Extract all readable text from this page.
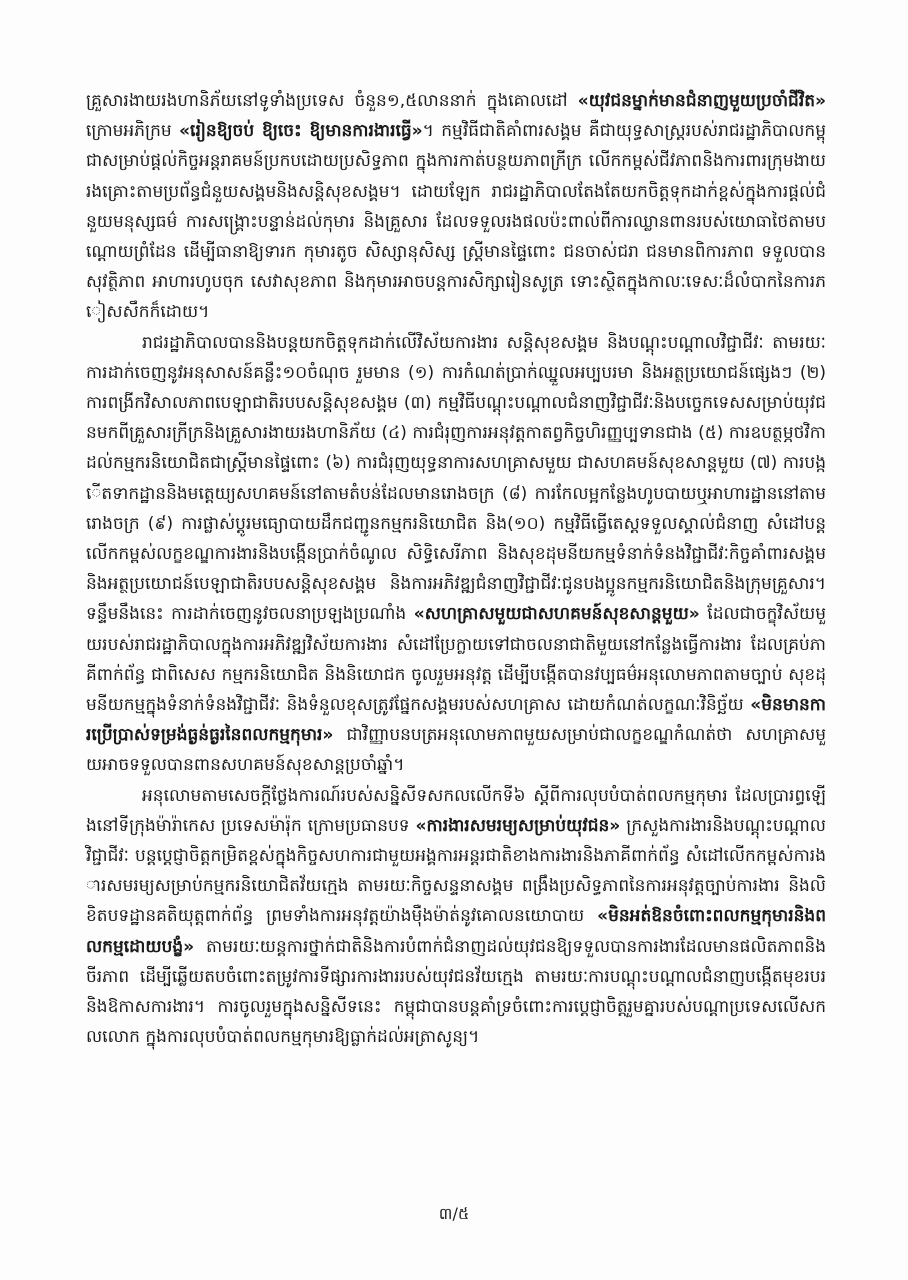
គ្រួសារងាយរងហានិភ័យនៅទូទាំងប្រទេស ចំនួន១,៥លាននាក់ ក្នុងគោលដៅ «យុវជនម្នាក់មានជំនាញមួយប្រចាំជីវិត» ក្រោមអភិក្រម «រៀនឱ្យចប់ ឱ្យចេះ ឱ្យមានការងារធ្វើ»។ កម្មវិធីជាតិគាំពារសង្គម គឺជាយុទ្ធសាស្ត្ររបស់រាជរដ្ឋាភិបាលកម្ពុជាសម្រាប់ផ្តល់កិច្ចអន្តរាគមន៍ប្រកបដោយប្រសិទ្ធភាព ក្នុងការកាត់បន្ថយភាពក្រីក្រ លើកកម្ពស់ជីវភាពនិងការពារក្រុមងាយរងគ្រោះតាមប្រព័ន្ធជំនួយសង្គមនិងសន្តិសុខសង្គម។ ដោយឡែក រាជរដ្ឋាភិបាលតែងតែយកចិត្តទុកដាក់ខ្ពស់ក្នុងការផ្តល់ជំនួយមនុស្សធម៌ ការសង្គ្រោះបន្ទាន់ដល់កុមារ និងគ្រួសារ ដែលទទួលរងផលប៉ះពាល់ពីការឈ្លានពានរបស់យោធាថៃតាមបណ្តោយព្រំដែន ដើម្បីធានាឱ្យទារក កុមារតូច សិស្សានុសិស្ស ស្ត្រីមានផ្ទៃពោះ ជនចាស់ជរា ជនមានពិការភាព ទទួលបានសុវត្ថិភាព អាហារហូបចុក សេវាសុខភាព និងកុមារអាចបន្តការសិក្សារៀនសូត្រ ទោះស្ថិតក្នុងកាលៈទេសៈដ៏លំបាកនៃការភៀសសឹកក៏ដោយ។

រាជរដ្ឋាភិបាលបាននិងបន្តយកចិត្តទុកដាក់លើវិស័យការងារ សន្តិសុខសង្គម និងបណ្តុះបណ្តាលវិជ្ជាជីវៈ តាមរយៈការដាក់ចេញនូវអនុសាសន៍គន្លឹះ១០ចំណុច រួមមាន (១) ការកំណត់ប្រាក់ឈ្នួលអប្បបរមា និងអត្ថប្រយោជន៍ផ្សេងៗ (២) ការពង្រីកវិសាលភាពបេឡាជាតិរបបសន្តិសុខសង្គម (៣) កម្មវិធីបណ្តុះបណ្តាលជំនាញវិជ្ជាជីវៈនិងបច្ចេកទេសសម្រាប់យុវជនមកពីគ្រួសារក្រីក្រនិងគ្រួសារងាយរងហានិភ័យ (៤) ការជំរុញការអនុវត្តកាតព្វកិច្ចហិរញ្ញប្បទានជាង (៥) ការឧបត្ថម្ភថវិកាដល់កម្មករនិយោជិតជាស្ត្រីមានផ្ទៃពោះ (៦) ការជំរុញយុទ្ធនាការសហគ្រាសមួយ ជាសហគមន៍សុខសាន្តមួយ (៧) ការបង្កើតទាកដ្ឋាននិងមត្តេយ្យសហគមន៍នៅតាមតំបន់ដែលមានរោងចក្រ (៨) ការកែលម្អកន្លែងហូបបាយឬអាហារដ្ឋាននៅតាមរោងចក្រ (៩) ការផ្លាស់ប្តូរមធ្យោបាយដឹកជញ្ជូនកម្មករនិយោជិត និង(១០) កម្មវិធីធ្វើតេស្តទទួលស្គាល់ជំនាញ សំដៅបន្តលើកកម្ពស់លក្ខខណ្ឌការងារនិងបង្កើនប្រាក់ចំណូល សិទ្ធិសេរីភាព និងសុខដុមនីយកម្មទំនាក់ទំនងវិជ្ជាជីវៈកិច្ចគាំពារសង្គម និងអត្ថប្រយោជន៍បេឡាជាតិរបបសន្តិសុខសង្គម និងការអភិវឌ្ឍជំនាញវិជ្ជាជីវៈជូនបងប្អូនកម្មករនិយោជិតនិងក្រុមគ្រួសារ។ ទន្ទឹមនឹងនេះ ការដាក់ចេញនូវចលនាប្រឡងប្រណាំង «សហគ្រាសមួយជាសហគមន៍សុខសាន្តមួយ» ដែលជាចក្ខុវិស័យមួយរបស់រាជរដ្ឋាភិបាលក្នុងការអភិវឌ្ឍវិស័យការងារ សំដៅប្រែក្លាយទៅជាចលនាជាតិមួយនៅកន្លែងធ្វើការងារ ដែលគ្រប់ភាគីពាក់ព័ន្ធ ជាពិសេស កម្មករនិយោជិត និងនិយោជក ចូលរួមអនុវត្ត ដើម្បីបង្កើតបានវប្បធម៌អនុលោមភាពតាមច្បាប់ សុខដុមនីយកម្មក្នុងទំនាក់ទំនងវិជ្ជាជីវៈ និងទំនួលខុសត្រូវផ្នែកសង្គមរបស់សហគ្រាស ដោយកំណត់លក្ខណៈវិនិច្ឆ័យ «មិនមានការប្រើប្រាស់ទម្រង់ធ្ងន់ធ្ងរនៃពលកម្មកុមារ» ជាវិញ្ញាបនបត្រអនុលោមភាពមួយសម្រាប់ជាលក្ខខណ្ឌកំណត់ថា សហគ្រាសមួយអាចទទួលបានពានសហគមន៍សុខសាន្តប្រចាំឆ្នាំ។

អនុលោមតាមសេចក្តីថ្លែងការណ៍របស់សន្និសីទសកលលើកទី៦ ស្តីពីការលុបបំបាត់ពលកម្មកុមារ ដែលប្រារព្ធឡើងនៅទីក្រុងម៉ារ៉ាកេស ប្រទេសម៉ារ៉ុក ក្រោមប្រធានបទ «ការងារសមរម្យសម្រាប់យុវជន» ក្រសួងការងារនិងបណ្តុះបណ្តាលវិជ្ជាជីវៈ បន្តប្តេជ្ញាចិត្តកម្រិតខ្ពស់ក្នុងកិច្ចសហការជាមួយអង្គការអន្តរជាតិខាងការងារនិងភាគីពាក់ព័ន្ធ សំដៅលើកកម្ពស់ការងារសមរម្យសម្រាប់កម្មករនិយោជិតវ័យក្មេង តាមរយៈកិច្ចសន្ទនាសង្គម ពង្រឹងប្រសិទ្ធភាពនៃការអនុវត្តច្បាប់ការងារ និងលិខិតបទដ្ឋានគតិយុត្តពាក់ព័ន្ធ ព្រមទាំងការអនុវត្តយ៉ាងម៉ឺងម៉ាត់នូវគោលនយោបាយ «មិនអត់ឱនចំពោះពលកម្មកុមារនិងពលកម្មដោយបង្ខំ» តាមរយៈយន្តការថ្នាក់ជាតិនិងការបំពាក់ជំនាញដល់យុវជនឱ្យទទួលបានការងារដែលមានផលិតភាពនិងចីរភាព ដើម្បីឆ្លើយតបចំពោះតម្រូវការទីផ្សារការងាររបស់យុវជនវ័យក្មេង តាមរយៈការបណ្តុះបណ្តាលជំនាញបង្កើតមុខរបរនិងឱកាសការងារ។ ការចូលរួមក្នុងសន្និសីទនេះ កម្ពុជាបានបន្តគាំទ្រចំពោះការប្តេជ្ញាចិត្តរួមគ្នារបស់បណ្តាប្រទេសលើសកលលោក ក្នុងការលុបបំបាត់ពលកម្មកុមារឱ្យធ្លាក់ដល់អត្រាសូន្យ។

៣/៥
